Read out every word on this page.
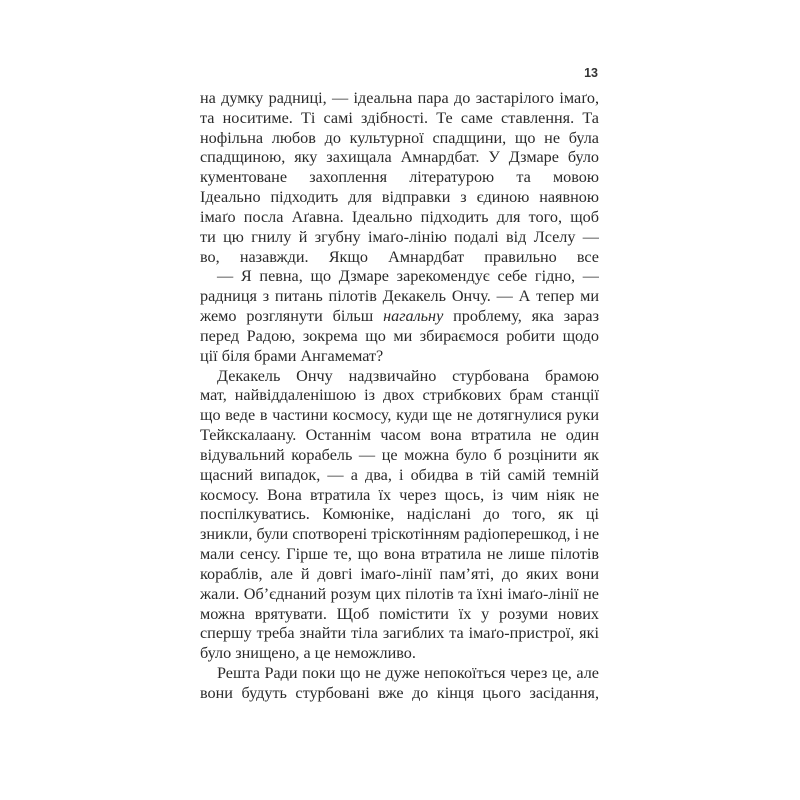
13
на думку радниці, — ідеальна пара до застарілого імаґо,
та носитиме. Ті самі здібності. Те саме ставлення. Та
нофільна любов до культурної спадщини, що не була
спадщиною, яку захищала Амнардбат. У Дзмаре було
кументоване захоплення літературою та мовою
Ідеально підходить для відправки з єдиною наявною
імаґо посла Аґавна. Ідеально підходить для того, щоб
ти цю гнилу й згубну імаґо-лінію подалі від Лселу —
во, назавжди. Якщо Амнардбат правильно все
— Я певна, що Дзмаре зарекомендує себе гідно, —
радниця з питань пілотів Декакель Ончу. — А тепер ми
жемо розглянути більш нагальну проблему, яка зараз
перед Радою, зокрема що ми збираємося робити щодо
ції біля брами Ангамемат?
Декакель Ончу надзвичайно стурбована брамою
мат, найвіддаленішою із двох стрибкових брам станції
що веде в частини космосу, куди ще не дотягнулися руки
Тейкскалаану. Останнім часом вона втратила не один
відувальний корабель — це можна було б розцінити як
щасний випадок, — а два, і обидва в тій самій темній
космосу. Вона втратила їх через щось, із чим ніяк не
поспілкуватись. Комюніке, надіслані до того, як ці
зникли, були спотворені тріскотінням радіоперешкод, і не
мали сенсу. Гірше те, що вона втратила не лише пілотів
кораблів, але й довгі імаґо-лінії пам’яті, до яких вони
жали. Об’єднаний розум цих пілотів та їхні імаґо-лінії не
можна врятувати. Щоб помістити їх у розуми нових
спершу треба знайти тіла загиблих та імаґо-пристрої, які
було знищено, а це неможливо.
Решта Ради поки що не дуже непокоїться через це, але
вони будуть стурбовані вже до кінця цього засідання,
